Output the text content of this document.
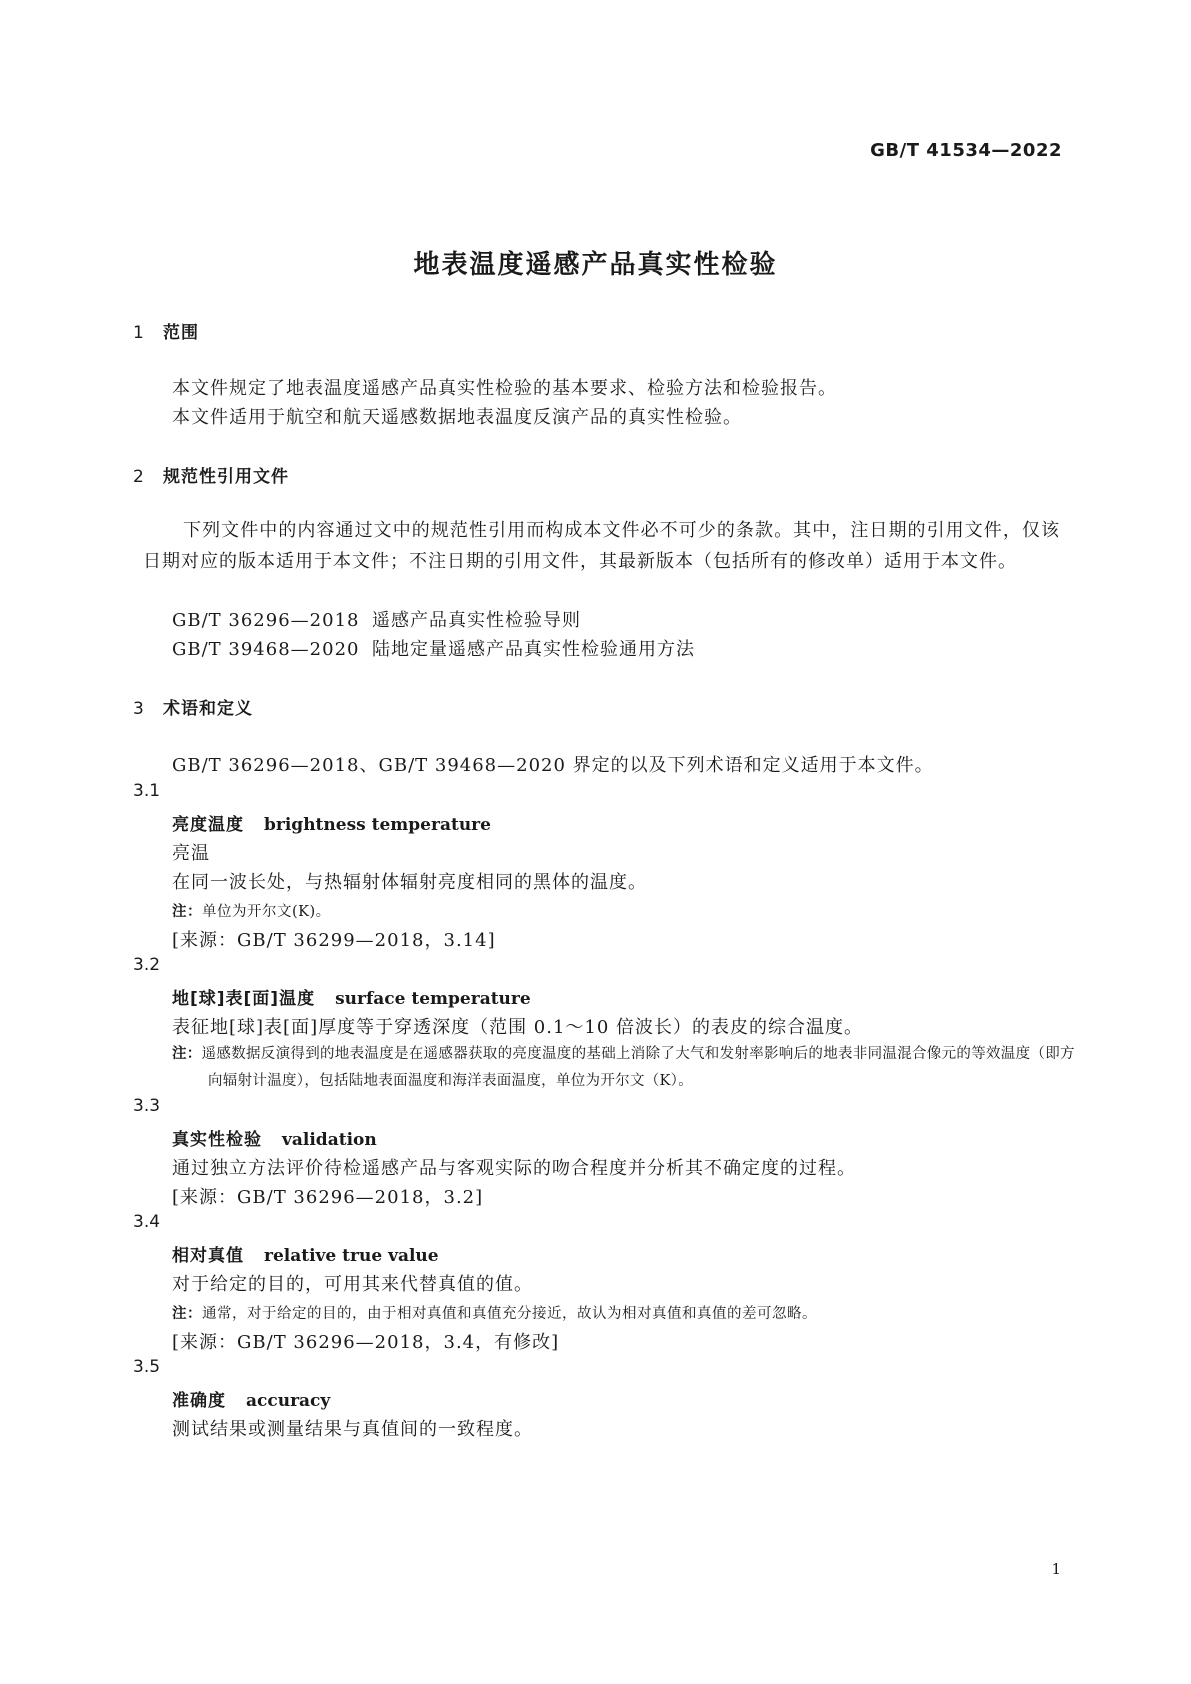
GB/T 41534—2022
地表温度遥感产品真实性检验
1 范围
本文件规定了地表温度遥感产品真实性检验的基本要求、检验方法和检验报告。
本文件适用于航空和航天遥感数据地表温度反演产品的真实性检验。
2 规范性引用文件
下列文件中的内容通过文中的规范性引用而构成本文件必不可少的条款。其中，注日期的引用文件，仅该日期对应的版本适用于本文件；不注日期的引用文件，其最新版本（包括所有的修改单）适用于本文件。
GB/T 36296—2018 遥感产品真实性检验导则
GB/T 39468—2020 陆地定量遥感产品真实性检验通用方法
3 术语和定义
GB/T 36296—2018、GB/T 39468—2020 界定的以及下列术语和定义适用于本文件。
3.1
亮度温度 brightness temperature
亮温
在同一波长处，与热辐射体辐射亮度相同的黑体的温度。
注：单位为开尔文(K)。
[来源：GB/T 36299—2018，3.14]
3.2
地[球]表[面]温度 surface temperature
表征地[球]表[面]厚度等于穿透深度（范围 0.1～10 倍波长）的表皮的综合温度。
注：遥感数据反演得到的地表温度是在遥感器获取的亮度温度的基础上消除了大气和发射率影响后的地表非同温混合像元的等效温度（即方向辐射计温度），包括陆地表面温度和海洋表面温度，单位为开尔文（K）。
3.3
真实性检验 validation
通过独立方法评价待检遥感产品与客观实际的吻合程度并分析其不确定度的过程。
[来源：GB/T 36296—2018，3.2]
3.4
相对真值 relative true value
对于给定的目的，可用其来代替真值的值。
注：通常，对于给定的目的，由于相对真值和真值充分接近，故认为相对真值和真值的差可忽略。
[来源：GB/T 36296—2018，3.4，有修改]
3.5
准确度 accuracy
测试结果或测量结果与真值间的一致程度。
1
